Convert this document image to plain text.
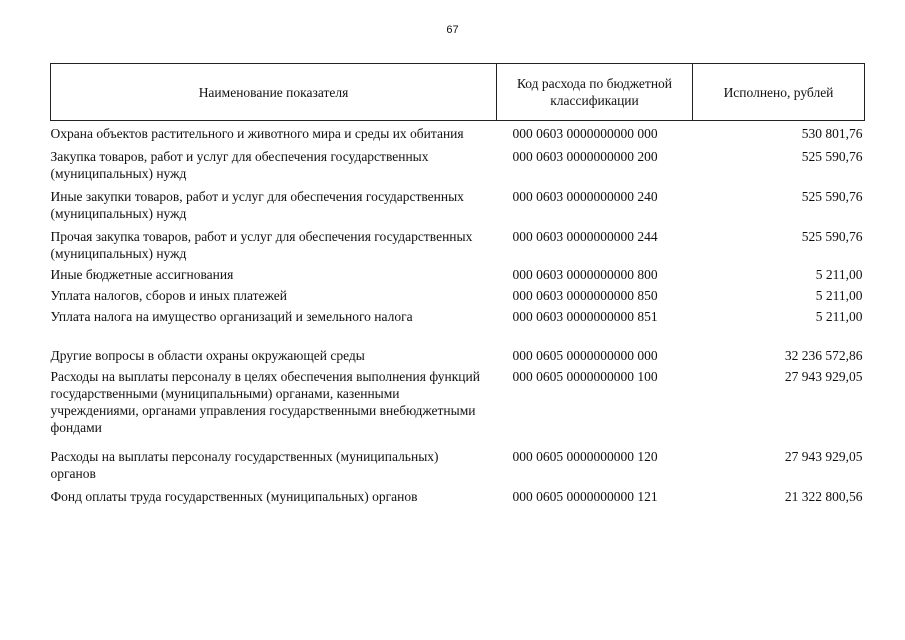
67
Наименование показателя	Код расхода по бюджетной классификации	Исполнено, рублей
Охрана объектов растительного и животного мира и среды их обитания	000 0603 0000000000 000	530 801,76
Закупка товаров, работ и услуг для обеспечения государственных (муниципальных) нужд	000 0603 0000000000 200	525 590,76
Иные закупки товаров, работ и услуг для обеспечения государственных (муниципальных) нужд	000 0603 0000000000 240	525 590,76
Прочая закупка товаров, работ и услуг для обеспечения государственных (муниципальных) нужд	000 0603 0000000000 244	525 590,76
Иные бюджетные ассигнования	000 0603 0000000000 800	5 211,00
Уплата налогов, сборов и иных платежей	000 0603 0000000000 850	5 211,00
Уплата налога на имущество организаций и земельного налога	000 0603 0000000000 851	5 211,00

Другие вопросы в области охраны окружающей среды	000 0605 0000000000 000	32 236 572,86
Расходы на выплаты персоналу в целях обеспечения выполнения функций государственными (муниципальными) органами, казенными учреждениями, органами управления государственными внебюджетными фондами	000 0605 0000000000 100	27 943 929,05
Расходы на выплаты персоналу государственных (муниципальных) органов	000 0605 0000000000 120	27 943 929,05
Фонд оплаты труда государственных (муниципальных) органов	000 0605 0000000000 121	21 322 800,56
